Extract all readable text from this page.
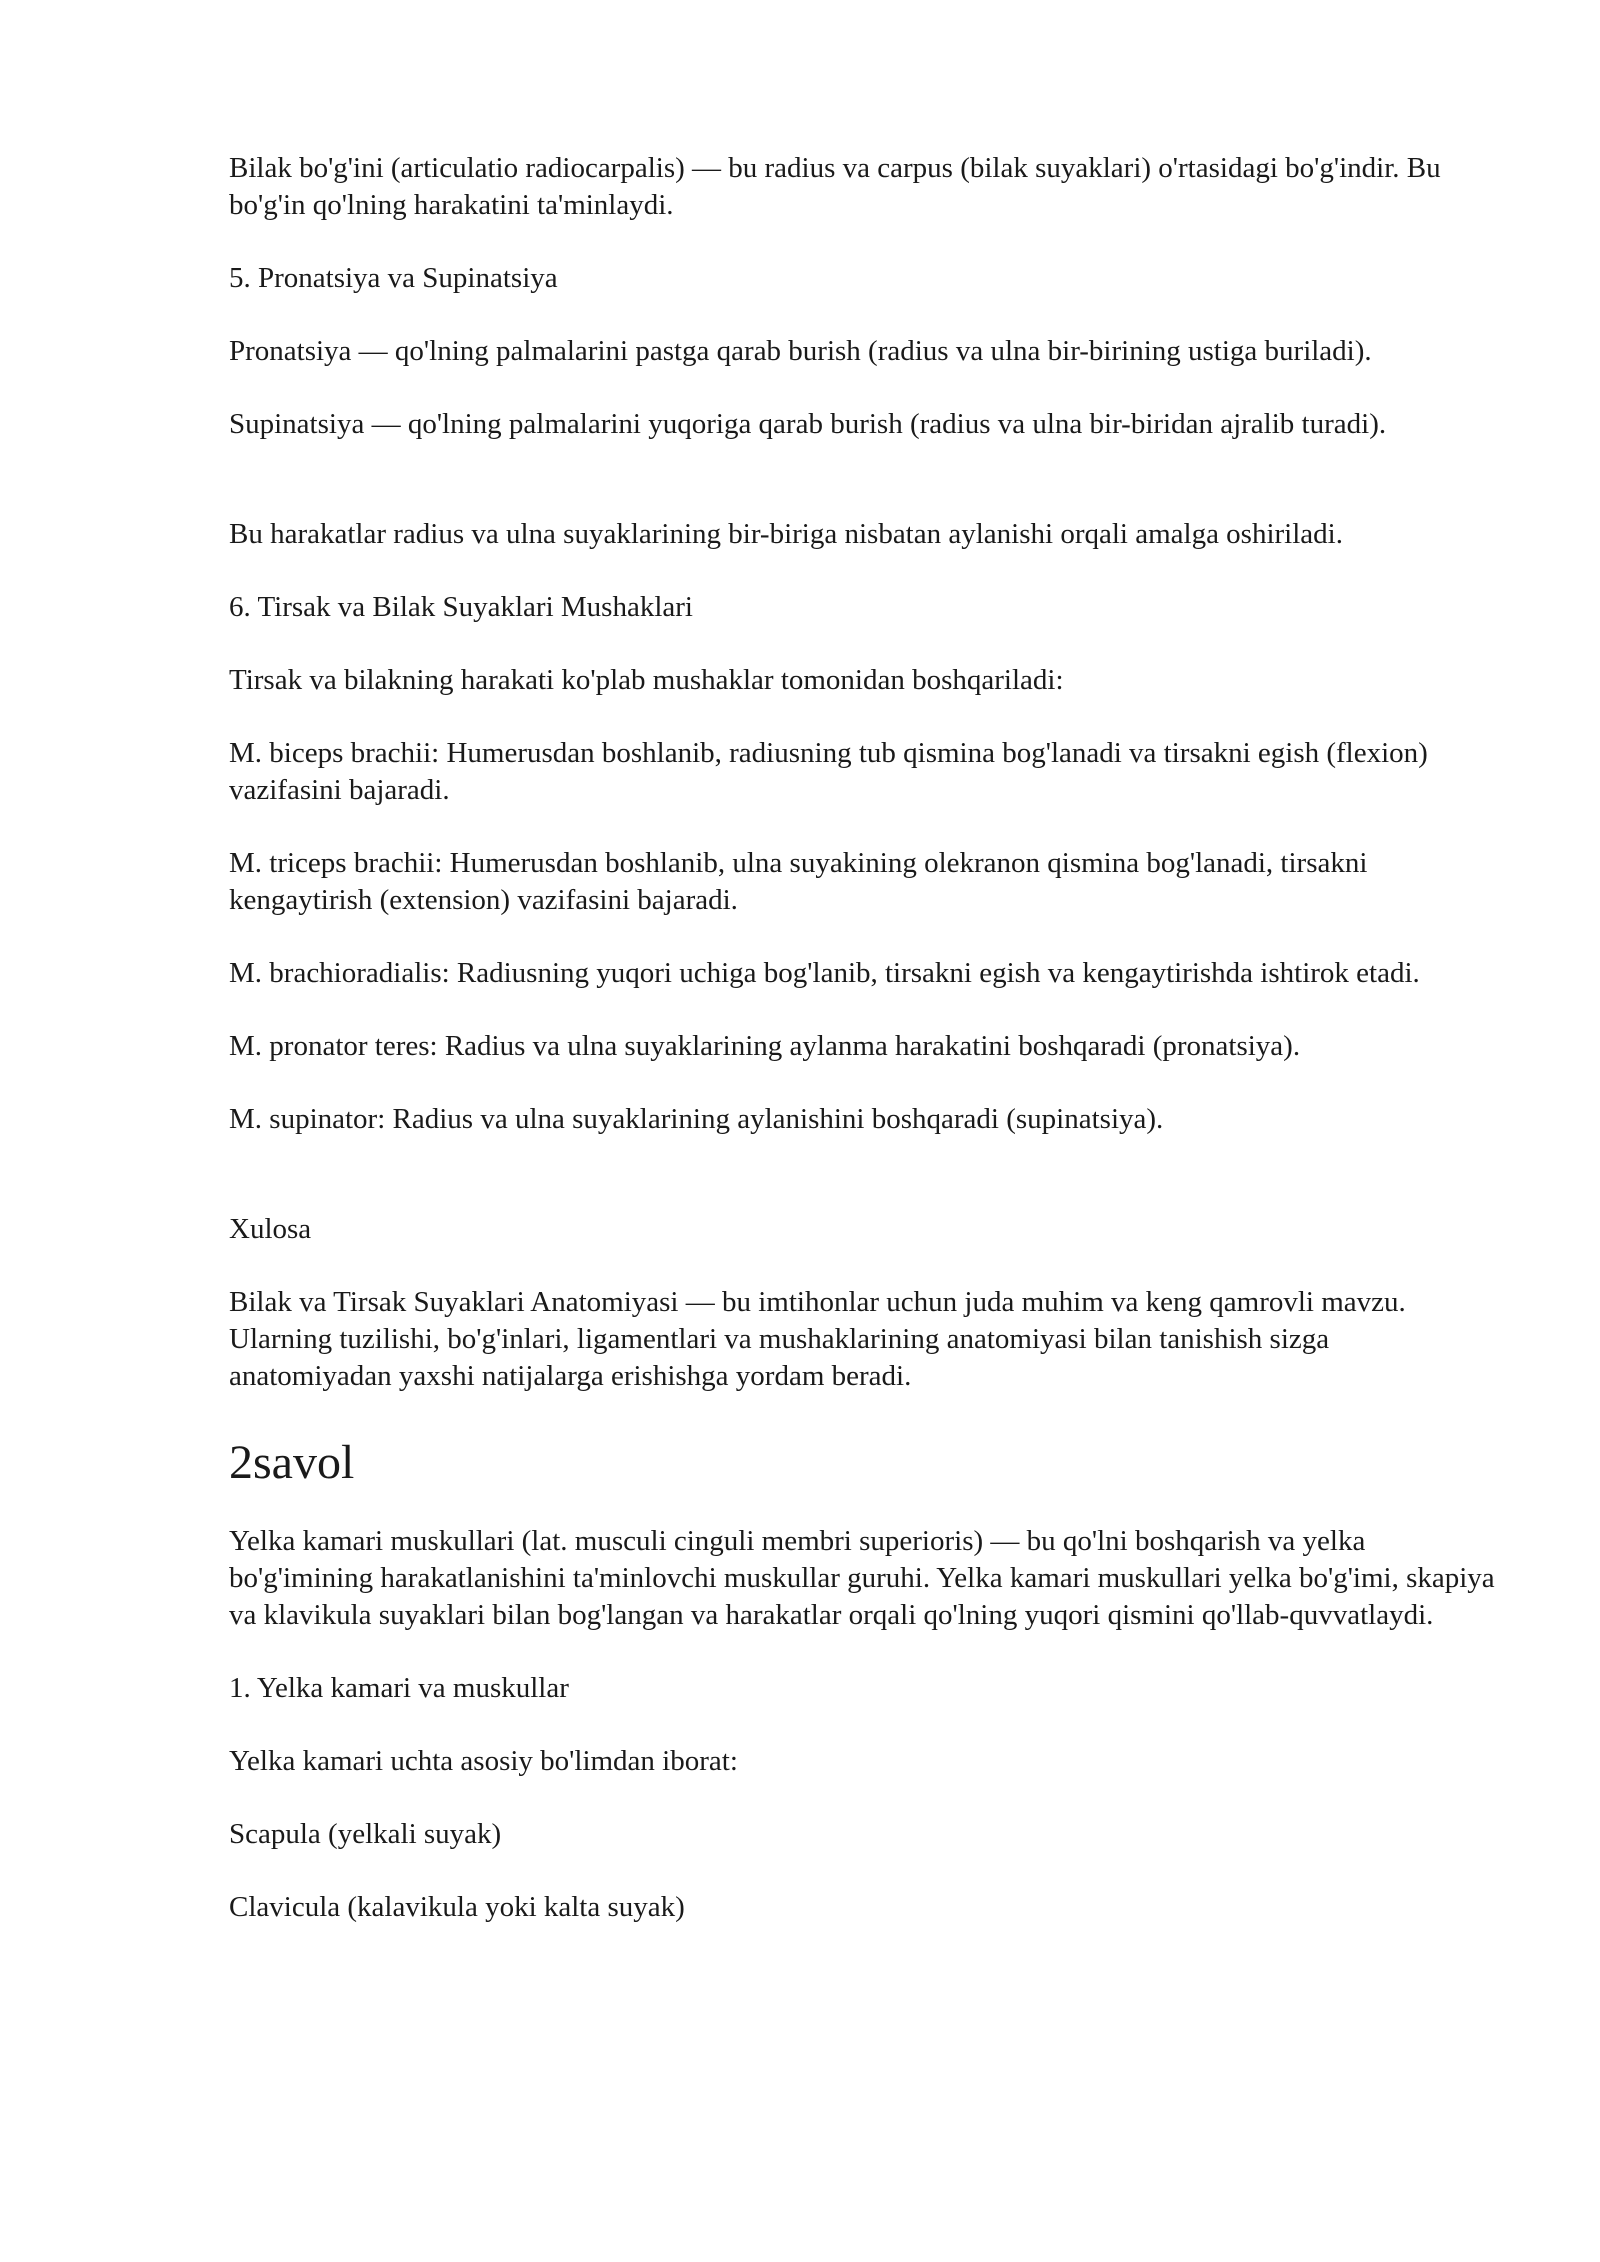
Bilak bo'g'ini (articulatio radiocarpalis) — bu radius va carpus (bilak suyaklari) o'rtasidagi bo'g'indir. Bu bo'g'in qo'lning harakatini ta'minlaydi.

5. Pronatsiya va Supinatsiya

Pronatsiya — qo'lning palmalarini pastga qarab burish (radius va ulna bir-birining ustiga buriladi).

Supinatsiya — qo'lning palmalarini yuqoriga qarab burish (radius va ulna bir-biridan ajralib turadi).

Bu harakatlar radius va ulna suyaklarining bir-biriga nisbatan aylanishi orqali amalga oshiriladi.

6. Tirsak va Bilak Suyaklari Mushaklari

Tirsak va bilakning harakati ko'plab mushaklar tomonidan boshqariladi:

M. biceps brachii: Humerusdan boshlanib, radiusning tub qismina bog'lanadi va tirsakni egish (flexion) vazifasini bajaradi.

M. triceps brachii: Humerusdan boshlanib, ulna suyakining olekranon qismina bog'lanadi, tirsakni kengaytirish (extension) vazifasini bajaradi.

M. brachioradialis: Radiusning yuqori uchiga bog'lanib, tirsakni egish va kengaytirishda ishtirok etadi.

M. pronator teres: Radius va ulna suyaklarining aylanma harakatini boshqaradi (pronatsiya).

M. supinator: Radius va ulna suyaklarining aylanishini boshqaradi (supinatsiya).

Xulosa

Bilak va Tirsak Suyaklari Anatomiyasi — bu imtihonlar uchun juda muhim va keng qamrovli mavzu. Ularning tuzilishi, bo'g'inlari, ligamentlari va mushaklarining anatomiyasi bilan tanishish sizga anatomiyadan yaxshi natijalarga erishishga yordam beradi.

2savol

Yelka kamari muskullari (lat. musculi cinguli membri superioris) — bu qo'lni boshqarish va yelka bo'g'imining harakatlanishini ta'minlovchi muskullar guruhi. Yelka kamari muskullari yelka bo'g'imi, skapiya va klavikula suyaklari bilan bog'langan va harakatlar orqali qo'lning yuqori qismini qo'llab-quvvatlaydi.

1. Yelka kamari va muskullar

Yelka kamari uchta asosiy bo'limdan iborat:

Scapula (yelkali suyak)

Clavicula (kalavikula yoki kalta suyak)
